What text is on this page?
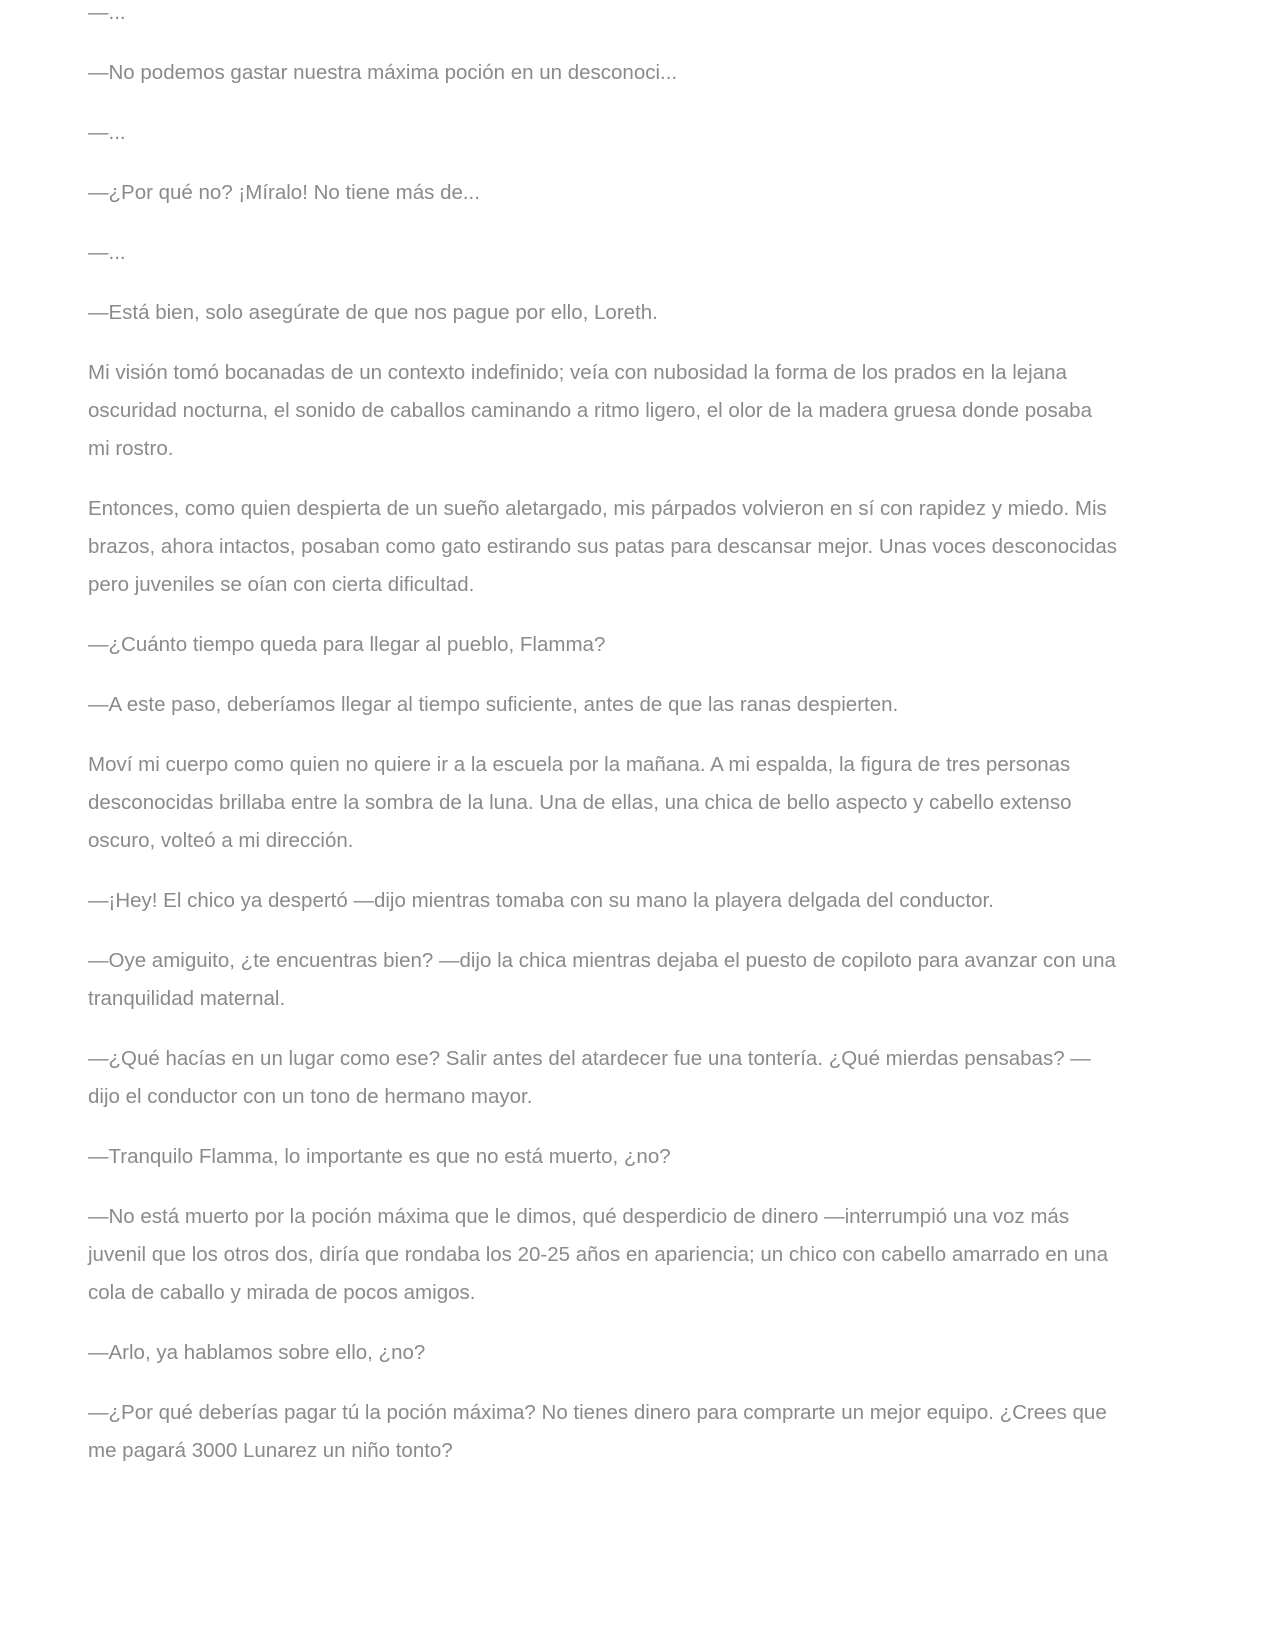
—...

—No podemos gastar nuestra máxima poción en un desconoci...

—...

—¿Por qué no? ¡Míralo! No tiene más de...

—...

—Está bien, solo asegúrate de que nos pague por ello, Loreth.

Mi visión tomó bocanadas de un contexto indefinido; veía con nubosidad la forma de los prados en la lejana oscuridad nocturna, el sonido de caballos caminando a ritmo ligero, el olor de la madera gruesa donde posaba mi rostro.

Entonces, como quien despierta de un sueño aletargado, mis párpados volvieron en sí con rapidez y miedo. Mis brazos, ahora intactos, posaban como gato estirando sus patas para descansar mejor. Unas voces desconocidas pero juveniles se oían con cierta dificultad.

—¿Cuánto tiempo queda para llegar al pueblo, Flamma?

—A este paso, deberíamos llegar al tiempo suficiente, antes de que las ranas despierten.

Moví mi cuerpo como quien no quiere ir a la escuela por la mañana. A mi espalda, la figura de tres personas desconocidas brillaba entre la sombra de la luna. Una de ellas, una chica de bello aspecto y cabello extenso oscuro, volteó a mi dirección.

—¡Hey! El chico ya despertó —dijo mientras tomaba con su mano la playera delgada del conductor.

—Oye amiguito, ¿te encuentras bien? —dijo la chica mientras dejaba el puesto de copiloto para avanzar con una tranquilidad maternal.

—¿Qué hacías en un lugar como ese? Salir antes del atardecer fue una tontería. ¿Qué mierdas pensabas? —dijo el conductor con un tono de hermano mayor.

—Tranquilo Flamma, lo importante es que no está muerto, ¿no?

—No está muerto por la poción máxima que le dimos, qué desperdicio de dinero —interrumpió una voz más juvenil que los otros dos, diría que rondaba los 20-25 años en apariencia; un chico con cabello amarrado en una cola de caballo y mirada de pocos amigos.

—Arlo, ya hablamos sobre ello, ¿no?

—¿Por qué deberías pagar tú la poción máxima? No tienes dinero para comprarte un mejor equipo. ¿Crees que me pagará 3000 Lunarez un niño tonto?
